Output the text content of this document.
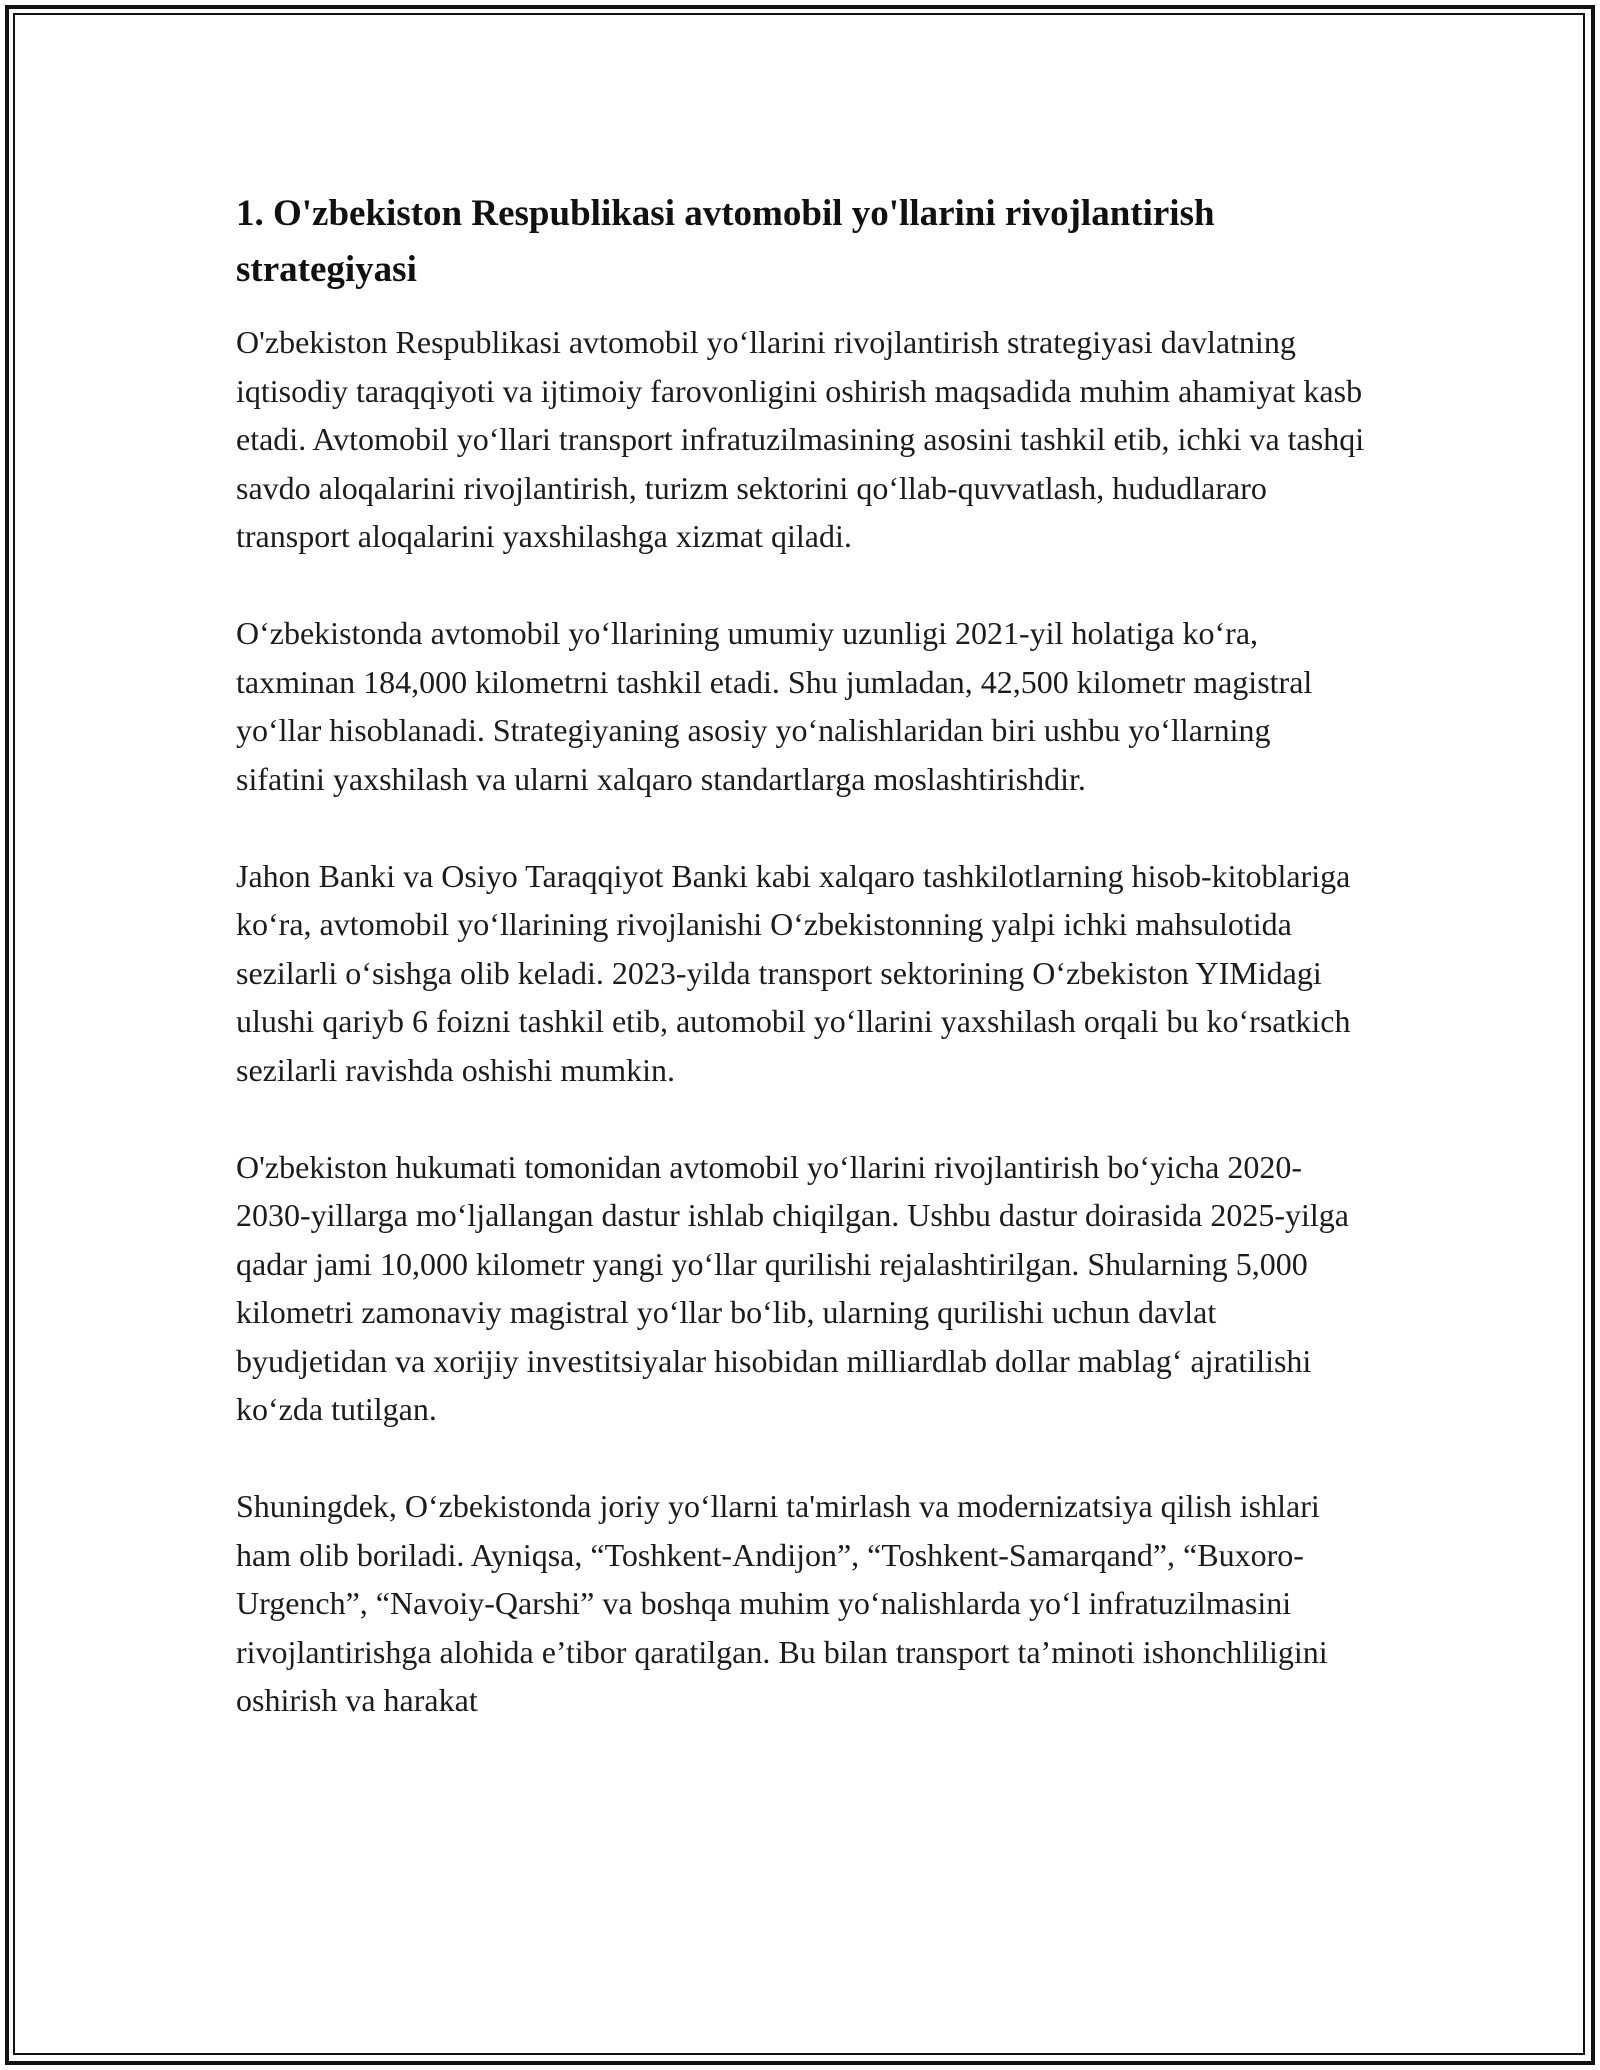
1. O'zbekiston Respublikasi avtomobil yo'llarini rivojlantirish strategiyasi

O'zbekiston Respublikasi avtomobil yo‘llarini rivojlantirish strategiyasi davlatning iqtisodiy taraqqiyoti va ijtimoiy farovonligini oshirish maqsadida muhim ahamiyat kasb etadi. Avtomobil yo‘llari transport infratuzilmasining asosini tashkil etib, ichki va tashqi savdo aloqalarini rivojlantirish, turizm sektorini qo‘llab-quvvatlash, hududlararo transport aloqalarini yaxshilashga xizmat qiladi.

O‘zbekistonda avtomobil yo‘llarining umumiy uzunligi 2021-yil holatiga ko‘ra, taxminan 184,000 kilometrni tashkil etadi. Shu jumladan, 42,500 kilometr magistral yo‘llar hisoblanadi. Strategiyaning asosiy yo‘nalishlaridan biri ushbu yo‘llarning sifatini yaxshilash va ularni xalqaro standartlarga moslashtirishdir.

Jahon Banki va Osiyo Taraqqiyot Banki kabi xalqaro tashkilotlarning hisob-kitoblariga ko‘ra, avtomobil yo‘llarining rivojlanishi O‘zbekistonning yalpi ichki mahsulotida sezilarli o‘sishga olib keladi. 2023-yilda transport sektorining O‘zbekiston YIMidagi ulushi qariyb 6 foizni tashkil etib, automobil yo‘llarini yaxshilash orqali bu ko‘rsatkich sezilarli ravishda oshishi mumkin.

O'zbekiston hukumati tomonidan avtomobil yo‘llarini rivojlantirish bo‘yicha 2020-2030-yillarga mo‘ljallangan dastur ishlab chiqilgan. Ushbu dastur doirasida 2025-yilga qadar jami 10,000 kilometr yangi yo‘llar qurilishi rejalashtirilgan. Shularning 5,000 kilometri zamonaviy magistral yo‘llar bo‘lib, ularning qurilishi uchun davlat byudjetidan va xorijiy investitsiyalar hisobidan milliardlab dollar mablag‘ ajratilishi ko‘zda tutilgan.

Shuningdek, O‘zbekistonda joriy yo‘llarni ta'mirlash va modernizatsiya qilish ishlari ham olib boriladi. Ayniqsa, “Toshkent-Andijon”, “Toshkent-Samarqand”, “Buxoro-Urgench”, “Navoiy-Qarshi” va boshqa muhim yo‘nalishlarda yo‘l infratuzilmasini rivojlantirishga alohida e’tibor qaratilgan. Bu bilan transport ta’minoti ishonchliligini oshirish va harakat
